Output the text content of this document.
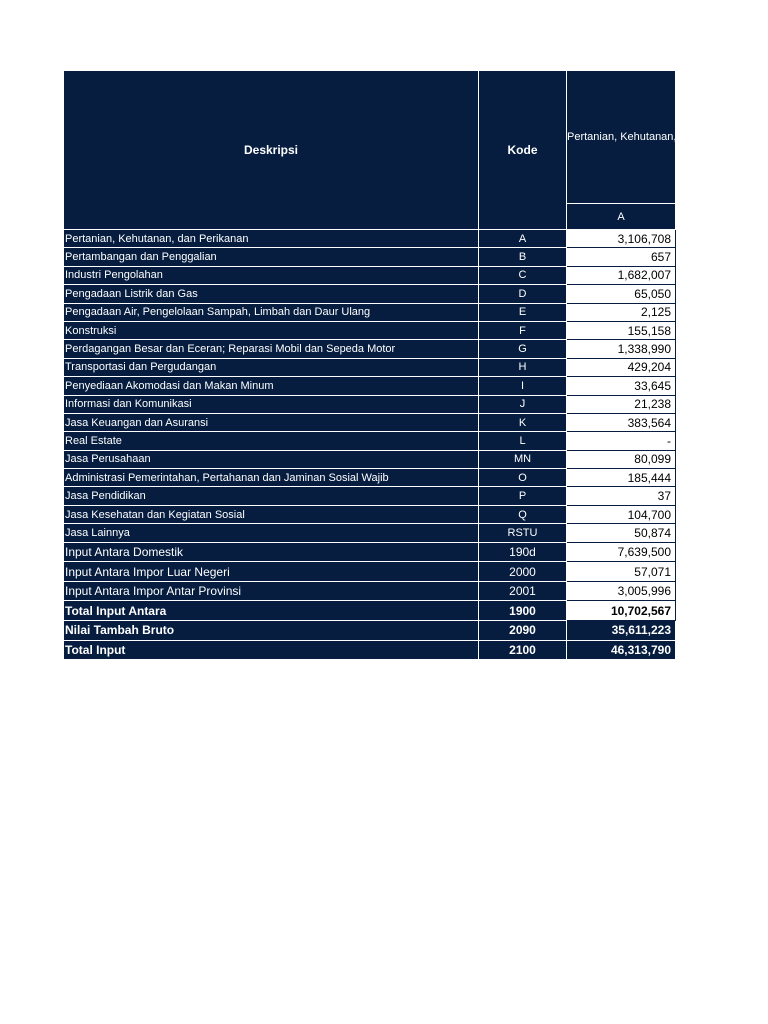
Deskripsi	Kode	Pertanian, Kehutanan, dan Perikanan
		A
Pertanian, Kehutanan, dan Perikanan	A	3,106,708
Pertambangan dan Penggalian	B	657
Industri Pengolahan	C	1,682,007
Pengadaan Listrik dan Gas	D	65,050
Pengadaan Air, Pengelolaan Sampah, Limbah dan Daur Ulang	E	2,125
Konstruksi	F	155,158
Perdagangan Besar dan Eceran; Reparasi Mobil dan Sepeda Motor	G	1,338,990
Transportasi dan Pergudangan	H	429,204
Penyediaan Akomodasi dan Makan Minum	I	33,645
Informasi dan Komunikasi	J	21,238
Jasa Keuangan dan Asuransi	K	383,564
Real Estate	L	-
Jasa Perusahaan	MN	80,099
Administrasi Pemerintahan, Pertahanan dan Jaminan Sosial Wajib	O	185,444
Jasa Pendidikan	P	37
Jasa Kesehatan dan Kegiatan Sosial	Q	104,700
Jasa Lainnya	RSTU	50,874
Input Antara Domestik	190d	7,639,500
Input Antara Impor Luar Negeri	2000	57,071
Input Antara Impor Antar Provinsi	2001	3,005,996
Total Input Antara	1900	10,702,567
Nilai Tambah Bruto	2090	35,611,223
Total Input	2100	46,313,790
